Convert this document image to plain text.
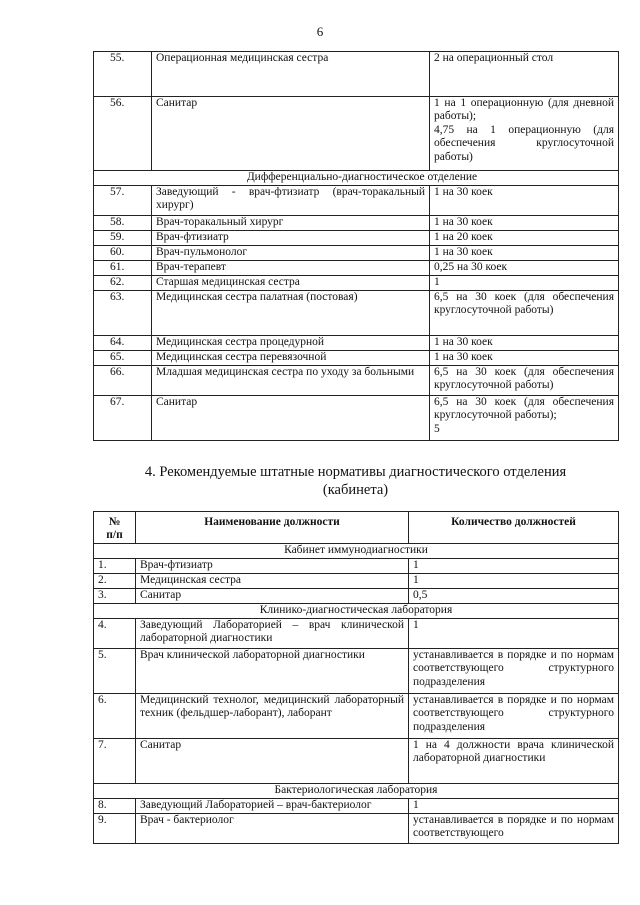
6
55.	Операционная медицинская сестра	2 на операционный стол
56.	Санитар	1 на 1 операционную (для дневной работы);
4,75 на 1 операционную (для обеспечения круглосуточной работы)
Дифференциально-диагностическое отделение		
57.	Заведующий - врач-фтизиатр (врач-торакальный хирург)	1 на 30 коек
58.	Врач-торакальный хирург	1 на 30 коек
59.	Врач-фтизиатр	1 на 20 коек
60.	Врач-пульмонолог	1 на 30 коек
61.	Врач-терапевт	0,25 на 30 коек
62.	Старшая медицинская сестра	1
63.	Медицинская сестра палатная (постовая)	6,5 на 30 коек (для обеспечения круглосуточной работы)
64.	Медицинская сестра процедурной	1 на 30 коек
65.	Медицинская сестра перевязочной	1 на 30 коек
66.	Младшая медицинская сестра по уходу за больными	6,5 на 30 коек (для обеспечения круглосуточной работы)
67.	Санитар	6,5 на 30 коек (для обеспечения круглосуточной работы);
5
4. Рекомендуемые штатные нормативы диагностического отделения
(кабинета)
№
п/п	Наименование должности	Количество должностей
Кабинет иммунодиагностики		
1.	Врач-фтизиатр	1
2.	Медицинская сестра	1
3.	Санитар	0,5
Клинико-диагностическая лаборатория		
4.	Заведующий Лабораторией – врач клинической лабораторной диагностики	1
5.	Врач клинической лабораторной диагностики	устанавливается в порядке и по нормам соответствующего структурного подразделения
6.	Медицинский технолог, медицинский лабораторный техник (фельдшер-лаборант), лаборант	устанавливается в порядке и по нормам соответствующего структурного подразделения
7.	Санитар	1 на 4 должности врача клинической лабораторной диагностики
Бактериологическая лаборатория		
8.	Заведующий Лабораторией – врач-бактериолог	1
9.	Врач - бактериолог	устанавливается в порядке и по нормам соответствующего
